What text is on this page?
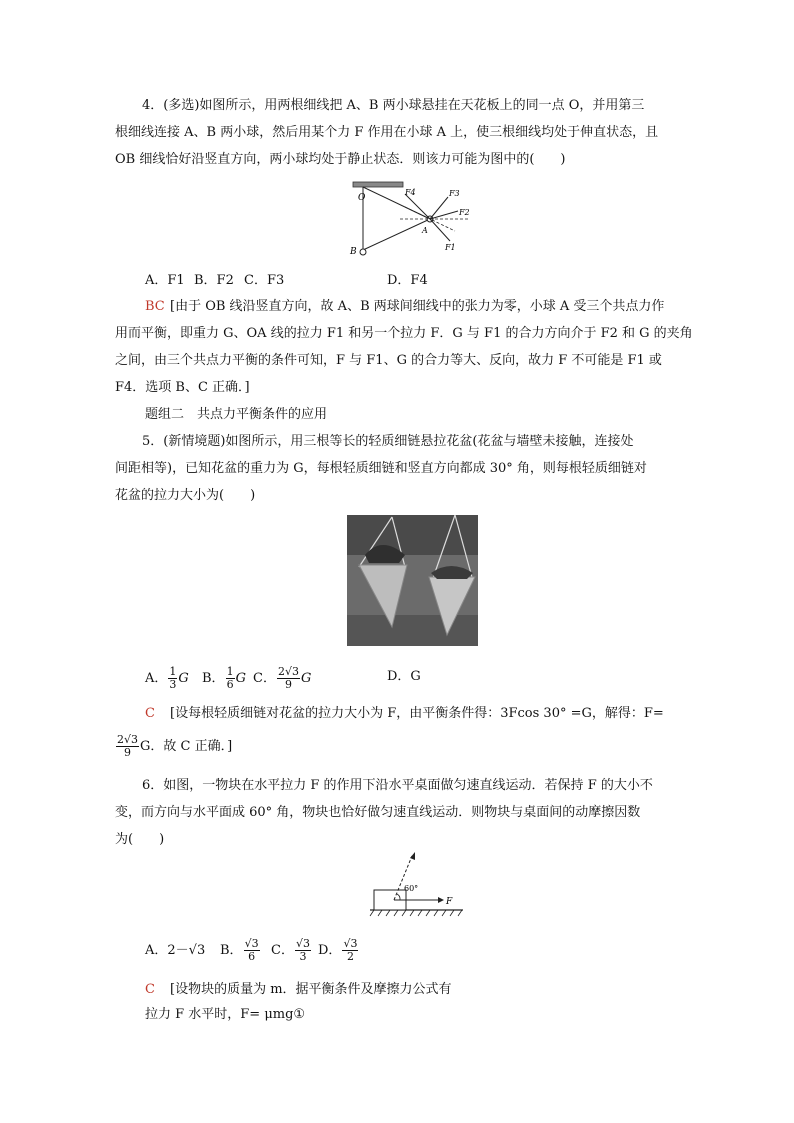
4．(多选)如图所示，用两根细线把 A、B 两小球悬挂在天花板上的同一点 O，并用第三
根细线连接 A、B 两小球，然后用某个力 F 作用在小球 A 上，使三根细线均处于伸直状态，且
OB 细线恰好沿竖直方向，两小球均处于静止状态．则该力可能为图中的(　　)
O
B
A
F4	F3
F2
F1
A．F1 B．F2 C．F3	D．F4
BC [由于 OB 线沿竖直方向，故 A、B 两球间细线中的张力为零，小球 A 受三个共点力作
用而平衡，即重力 G、OA 线的拉力 F1 和另一个拉力 F．G 与 F1 的合力方向介于 F2 和 G 的夹角
之间，由三个共点力平衡的条件可知，F 与 F1、G 的合力等大、反向，故力 F 不可能是 F1 或
F4．选项 B、C 正确．]
题组二　共点力平衡条件的应用
5．(新情境题)如图所示，用三根等长的轻质细链悬拉花盆(花盆与墙壁未接触，连接处
间距相等)，已知花盆的重力为 G，每根轻质细链和竖直方向都成 30° 角，则每根轻质细链对
花盆的拉力大小为(　　)
A． $\frac{1}{3}$ G B． $\frac{1}{6}$ G C． $\frac{2√3}{9}$ G	D．G
C [设每根轻质细链对花盆的拉力大小为 F，由平衡条件得：3Fcos 30° =G，解得：F=
$\frac{2√3}{9}$ G．故 C 正确．]
6．如图，一物块在水平拉力 F 的作用下沿水平桌面做匀速直线运动．若保持 F 的大小不
变，而方向与水平面成 60° 角，物块也恰好做匀速直线运动．则物块与桌面间的动摩擦因数
为(　　)
60°
F
A．2－√3 B． $\frac{√3}{6}$ C． $\frac{√3}{3}$ D． $\frac{√3}{2}$
C [设物块的质量为 m．据平衡条件及摩擦力公式有
拉力 F 水平时，F= μmg①
